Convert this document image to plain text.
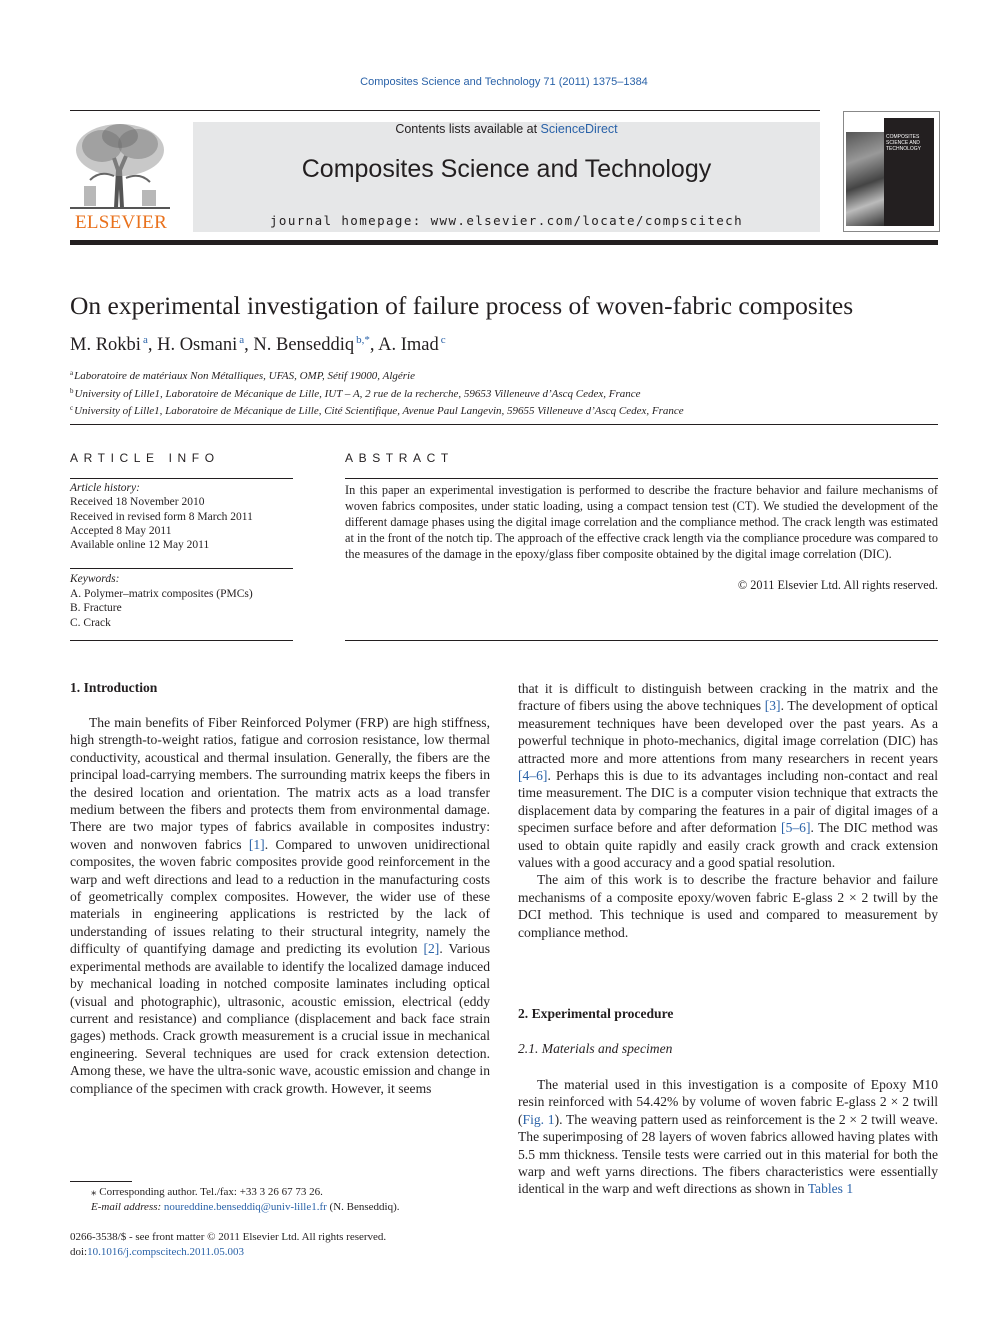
Composites Science and Technology 71 (2011) 1375–1384
ELSEVIER
Contents lists available at ScienceDirect
Composites Science and Technology
journal homepage: www.elsevier.com/locate/compscitech
COMPOSITES SCIENCE AND TECHNOLOGY
On experimental investigation of failure process of woven-fabric composites
M. Rokbi $^a$, H. Osmani $^a$, N. Benseddiq $^{b,*}$, A. Imad $^c$
$^a$Laboratoire de matériaux Non Métalliques, UFAS, OMP, Sétif 19000, Algérie
$^b$University of Lille1, Laboratoire de Mécanique de Lille, IUT – A, 2 rue de la recherche, 59653 Villeneuve d’Ascq Cedex, France
$^c$University of Lille1, Laboratoire de Mécanique de Lille, Cité Scientifique, Avenue Paul Langevin, 59655 Villeneuve d’Ascq Cedex, France
ARTICLE INFO	ABSTRACT
Article history:
Received 18 November 2010
Received in revised form 8 March 2011
Accepted 8 May 2011
Available online 12 May 2011
Keywords:
A. Polymer–matrix composites (PMCs)
B. Fracture
C. Crack
In this paper an experimental investigation is performed to describe the fracture behavior and failure mechanisms of woven fabrics composites, under static loading, using a compact tension test (CT). We studied the development of the different damage phases using the digital image correlation and the compliance method. The crack length was estimated at in the front of the notch tip. The approach of the effective crack length via the compliance procedure was compared to the measures of the damage in the epoxy/glass fiber composite obtained by the digital image correlation (DIC).
© 2011 Elsevier Ltd. All rights reserved.
1. Introduction

The main benefits of Fiber Reinforced Polymer (FRP) are high stiffness, high strength-to-weight ratios, fatigue and corrosion resistance, low thermal conductivity, acoustical and thermal insulation. Generally, the fibers are the principal load-carrying members. The surrounding matrix keeps the fibers in the desired location and orientation. The matrix acts as a load transfer medium between the fibers and protects them from environmental damage. There are two major types of fabrics available in composites industry: woven and nonwoven fabrics [1]. Compared to unwoven unidirectional composites, the woven fabric composites provide good reinforcement in the warp and weft directions and lead to a reduction in the manufacturing costs of geometrically complex composites. However, the wider use of these materials in engineering applications is restricted by the lack of understanding of issues relating to their structural integrity, namely the difficulty of quantifying damage and predicting its evolution [2]. Various experimental methods are available to identify the localized damage induced by mechanical loading in notched composite laminates including optical (visual and photographic), ultrasonic, acoustic emission, electrical (eddy current and resistance) and compliance (displacement and back face strain gages) methods. Crack growth measurement is a crucial issue in mechanical engineering. Several techniques are used for crack extension detection. Among these, we have the ultra-sonic wave, acoustic emission and change in compliance of the specimen with crack growth. However, it seems

that it is difficult to distinguish between cracking in the matrix and the fracture of fibers using the above techniques [3]. The development of optical measurement techniques have been developed over the past years. As a powerful technique in photo-mechanics, digital image correlation (DIC) has attracted more and more attentions from many researchers in recent years [4–6]. Perhaps this is due to its advantages including non-contact and real time measurement. The DIC is a computer vision technique that extracts the displacement data by comparing the features in a pair of digital images of a specimen surface before and after deformation [5–6]. The DIC method was used to obtain quite rapidly and easily crack growth and crack extension values with a good accuracy and a good spatial resolution.

The aim of this work is to describe the fracture behavior and failure mechanisms of a composite epoxy/woven fabric E-glass 2 × 2 twill by the DCI method. This technique is used and compared to measurement by compliance method.

2. Experimental procedure
2.1. Materials and specimen

The material used in this investigation is a composite of Epoxy M10 resin reinforced with 54.42% by volume of woven fabric E-glass 2 × 2 twill (Fig. 1). The weaving pattern used as reinforcement is the 2 × 2 twill weave. The superimposing of 28 layers of woven fabrics allowed having plates with 5.5 mm thickness. Tensile tests were carried out in this material for both the warp and weft yarns directions. The fibers characteristics were essentially identical in the warp and weft directions as shown in Tables 1

⁎ Corresponding author. Tel./fax: +33 3 26 67 73 26.
E-mail address: noureddine.benseddiq@univ-lille1.fr (N. Benseddiq).
0266-3538/$ - see front matter © 2011 Elsevier Ltd. All rights reserved.
doi:10.1016/j.compscitech.2011.05.003
